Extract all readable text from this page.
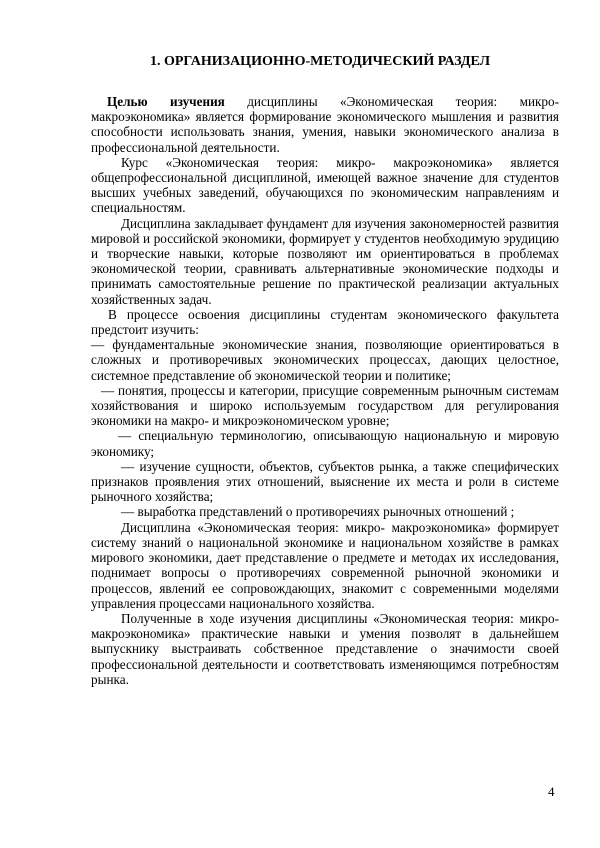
1. ОРГАНИЗАЦИОННО-МЕТОДИЧЕСКИЙ РАЗДЕЛ

Целью изучения дисциплины «Экономическая теория: микро-макроэкономика» является формирование экономического мышления и развития способности использовать знания, умения, навыки экономического анализа в профессиональной деятельности.

Курс «Экономическая теория: микро- макроэкономика» является общепрофессиональной дисциплиной, имеющей важное значение для студентов высших учебных заведений, обучающихся по экономическим направлениям и специальностям.

Дисциплина закладывает фундамент для изучения закономерностей развития мировой и российской экономики, формирует у студентов необходимую эрудицию и творческие навыки, которые позволяют им ориентироваться в проблемах экономической теории, сравнивать альтернативные экономические подходы и принимать самостоятельные решение по практической реализации актуальных хозяйственных задач.

В процессе освоения дисциплины студентам экономического факультета предстоит изучить:

— фундаментальные экономические знания, позволяющие ориентироваться в сложных и противоречивых экономических процессах, дающих целостное, системное представление об экономической теории и политике;

— понятия, процессы и категории, присущие современным рыночным системам хозяйствования и широко используемым государством для регулирования экономики на макро- и микроэкономическом уровне;

— специальную терминологию, описывающую национальную и мировую экономику;

— изучение сущности, объектов, субъектов рынка, а также специфических признаков проявления этих отношений, выяснение их места и роли в системе рыночного хозяйства;

— выработка представлений о противоречиях рыночных отношений ;

Дисциплина «Экономическая теория: микро- макроэкономика» формирует систему знаний о национальной экономике и национальном хозяйстве в рамках мирового экономики, дает представление о предмете и методах их исследования, поднимает вопросы о противоречиях современной рыночной экономики и процессов, явлений ее сопровождающих, знакомит с современными моделями управления процессами национального хозяйства.

Полученные в ходе изучения дисциплины «Экономическая теория: микро-макроэкономика» практические навыки и умения позволят в дальнейшем выпускнику выстраивать собственное представление о значимости своей профессиональной деятельности и соответствовать изменяющимся потребностям рынка.

4
